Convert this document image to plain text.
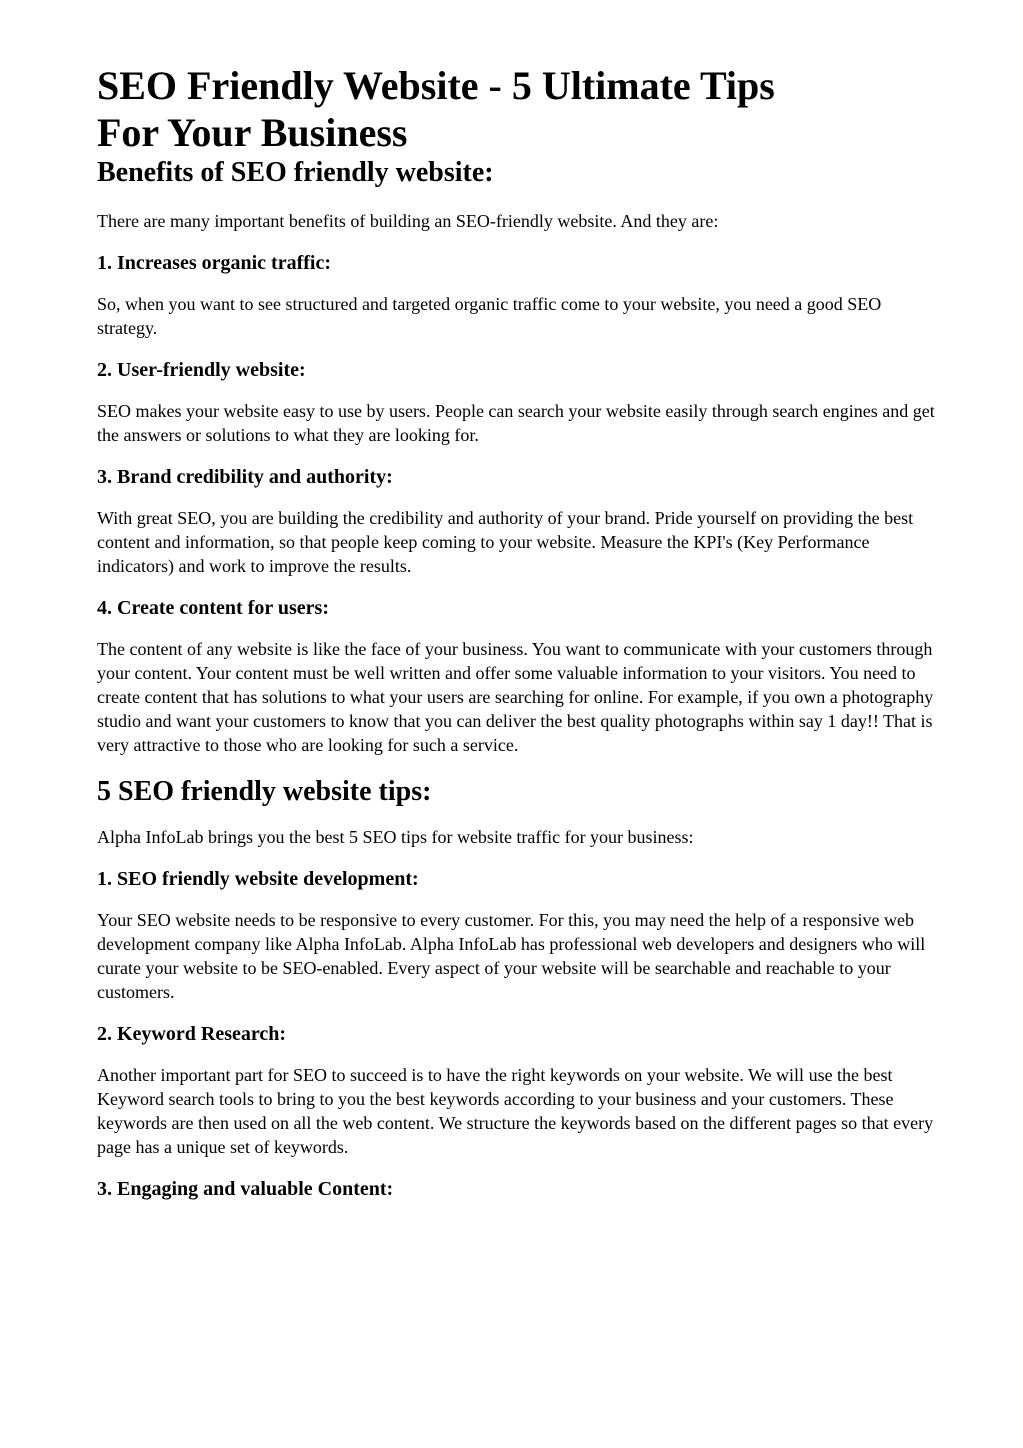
SEO Friendly Website - 5 Ultimate Tips
For Your Business
Benefits of SEO friendly website:

There are many important benefits of building an SEO-friendly website. And they are:

1. Increases organic traffic:

So, when you want to see structured and targeted organic traffic come to your website, you need a good SEO strategy.

2. User-friendly website:

SEO makes your website easy to use by users. People can search your website easily through search engines and get the answers or solutions to what they are looking for.

3. Brand credibility and authority:

With great SEO, you are building the credibility and authority of your brand. Pride yourself on providing the best content and information, so that people keep coming to your website. Measure the KPI's (Key Performance indicators) and work to improve the results.

4. Create content for users:

The content of any website is like the face of your business. You want to communicate with your customers through your content. Your content must be well written and offer some valuable information to your visitors. You need to create content that has solutions to what your users are searching for online. For example, if you own a photography studio and want your customers to know that you can deliver the best quality photographs within say 1 day!! That is very attractive to those who are looking for such a service.

5 SEO friendly website tips:

Alpha InfoLab brings you the best 5 SEO tips for website traffic for your business:

1. SEO friendly website development:

Your SEO website needs to be responsive to every customer. For this, you may need the help of a responsive web development company like Alpha InfoLab. Alpha InfoLab has professional web developers and designers who will curate your website to be SEO-enabled. Every aspect of your website will be searchable and reachable to your customers.

2. Keyword Research:

Another important part for SEO to succeed is to have the right keywords on your website. We will use the best Keyword search tools to bring to you the best keywords according to your business and your customers. These keywords are then used on all the web content. We structure the keywords based on the different pages so that every page has a unique set of keywords.

3. Engaging and valuable Content:
